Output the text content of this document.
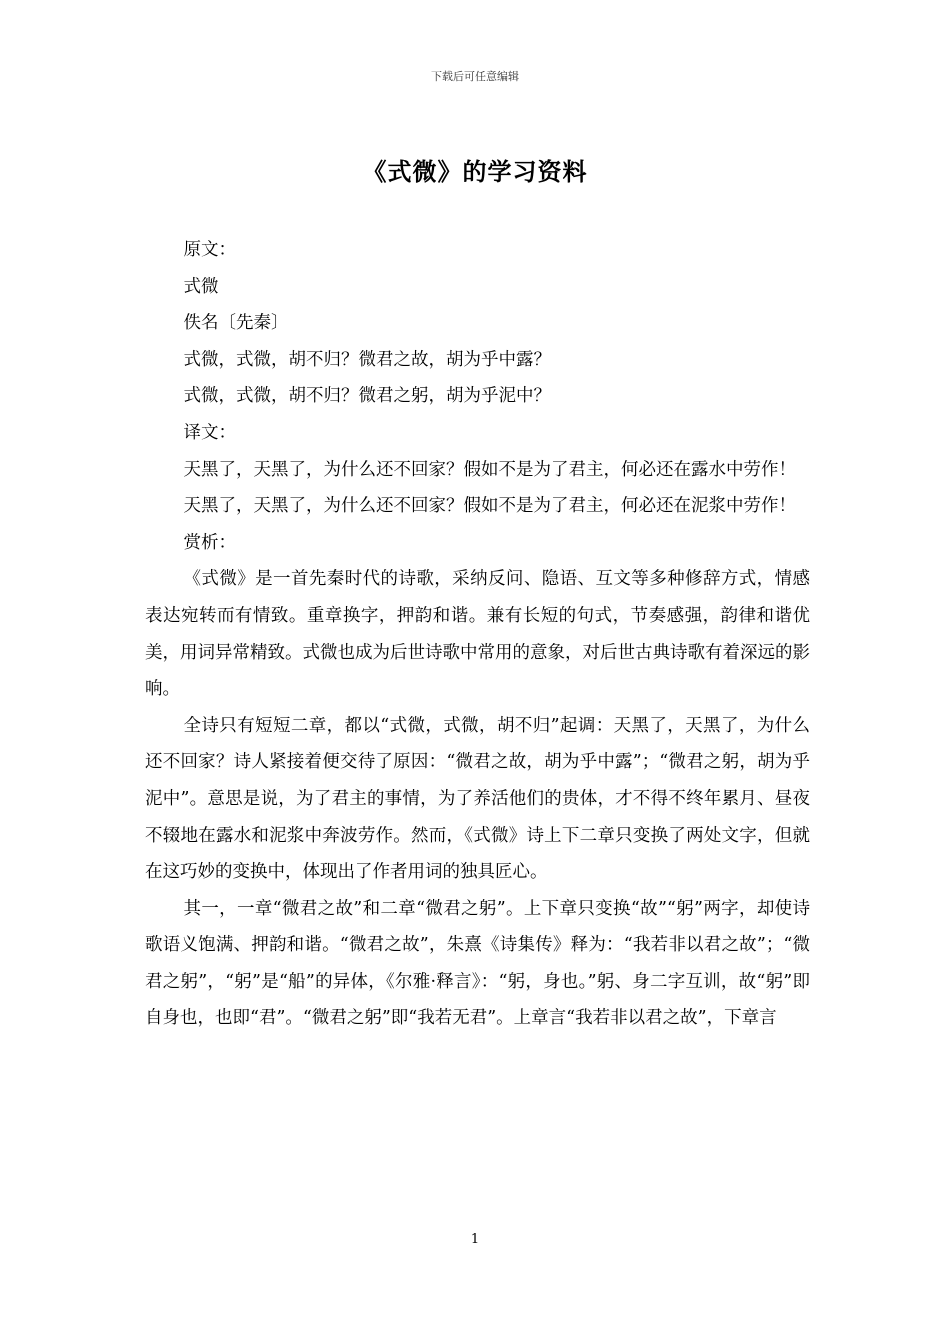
下载后可任意编辑
《式微》的学习资料

原文：

式微

佚名〔先秦〕

式微，式微，胡不归？微君之故，胡为乎中露？

式微，式微，胡不归？微君之躬，胡为乎泥中？

译文：

天黑了，天黑了，为什么还不回家？假如不是为了君主，何必还在露水中劳作！

天黑了，天黑了，为什么还不回家？假如不是为了君主，何必还在泥浆中劳作！

赏析：

《式微》是一首先秦时代的诗歌，采纳反问、隐语、互文等多种修辞方式，情感表达宛转而有情致。重章换字，押韵和谐。兼有长短的句式，节奏感强，韵律和谐优美，用词异常精致。式微也成为后世诗歌中常用的意象，对后世古典诗歌有着深远的影响。

全诗只有短短二章，都以“式微，式微，胡不归”起调：天黑了，天黑了，为什么还不回家？诗人紧接着便交待了原因：“微君之故，胡为乎中露”；“微君之躬，胡为乎泥中”。意思是说，为了君主的事情，为了养活他们的贵体，才不得不终年累月、昼夜不辍地在露水和泥浆中奔波劳作。然而，《式微》诗上下二章只变换了两处文字，但就在这巧妙的变换中，体现出了作者用词的独具匠心。

其一，一章“微君之故”和二章“微君之躬”。上下章只变换“故”“躬”两字，却使诗歌语义饱满、押韵和谐。“微君之故”，朱熹《诗集传》释为：“我若非以君之故”；“微君之躬”，“躬”是“船”的异体，《尔雅·释言》：“躬，身也。”躬、身二字互训，故“躬”即自身也，也即“君”。“微君之躬”即“我若无君”。上章言“我若非以君之故”，下章言

1
